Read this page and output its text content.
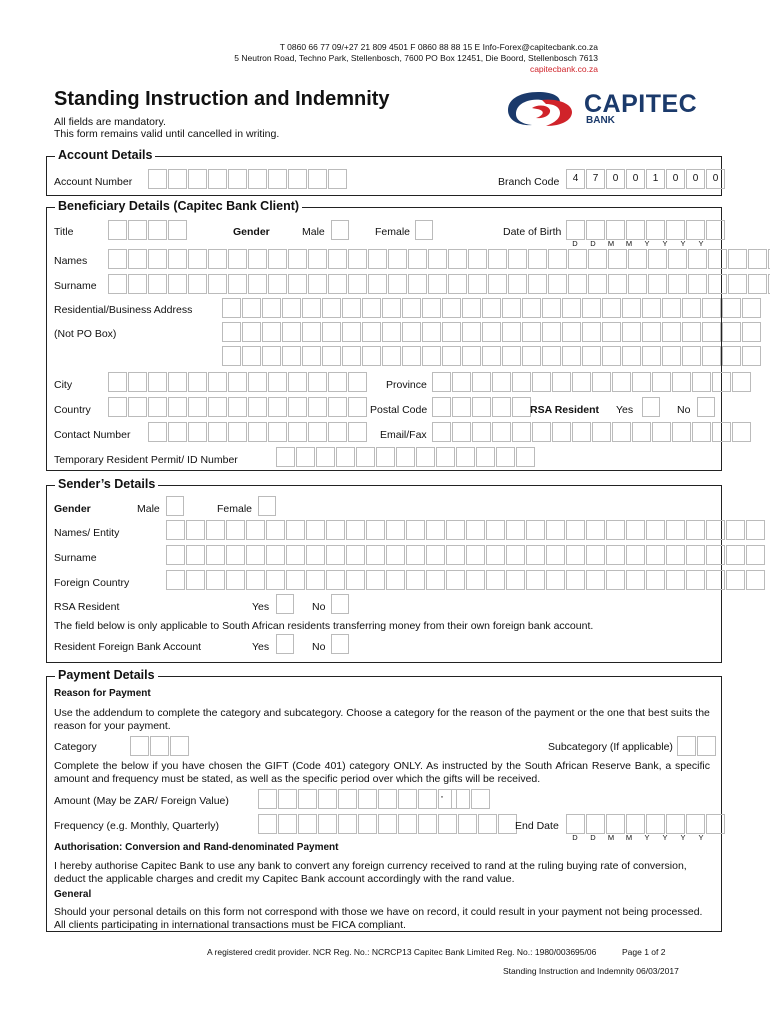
T 0860 66 77 09/+27 21 809 4501 F 0860 88 88 15 E Info-Forex@capitecbank.co.za
5 Neutron Road, Techno Park, Stellenbosch, 7600 PO Box 12451, Die Boord, Stellenbosch 7613
capitecbank.co.za
Standing Instruction and Indemnity
All fields are mandatory.
This form remains valid until cancelled in writing.
CAPITEC
BANK
Account Details
Account Number	Branch Code	4	7	0	0	1	0	0	0
Beneficiary Details (Capitec Bank Client)
Title	Gender	Male	Female	Date of Birth
D	D	M	M	Y	Y	Y	Y
Names
Surname
Residential/Business Address
(Not PO Box)
City	Province
Country	Postal Code	RSA Resident Yes	No
Contact Number	Email/Fax
Temporary Resident Permit/ ID Number
Sender’s Details
Gender	Male	Female
Names/ Entity
Surname
Foreign Country
RSA Resident	Yes	No
The field below is only applicable to South African residents transferring money from their own foreign bank account.
Resident Foreign Bank Account	Yes	No
Payment Details
Reason for Payment
Use the addendum to complete the category and subcategory. Choose a category for the reason of the payment or the one that best suits the reason for your payment.
Category	Subcategory (If applicable)
Complete the below if you have chosen the GIFT (Code 401) category ONLY. As instructed by the South African Reserve Bank, a specific amount and frequency must be stated, as well as the specific period over which the gifts will be received.
Amount (May be ZAR/ Foreign Value)	·
Frequency (e.g. Monthly, Quarterly)	End Date
D	D	M	M	Y	Y	Y	Y
Authorisation: Conversion and Rand-denominated Payment
I hereby authorise Capitec Bank to use any bank to convert any foreign currency received to rand at the ruling buying rate of conversion, deduct the applicable charges and credit my Capitec Bank account accordingly with the rand value.
General
Should your personal details on this form not correspond with those we have on record, it could result in your payment not being processed. All clients participating in international transactions must be FICA compliant.
A registered credit provider. NCR Reg. No.: NCRCP13 Capitec Bank Limited Reg. No.: 1980/003695/06	Page 1 of 2
Standing Instruction and Indemnity 06/03/2017
